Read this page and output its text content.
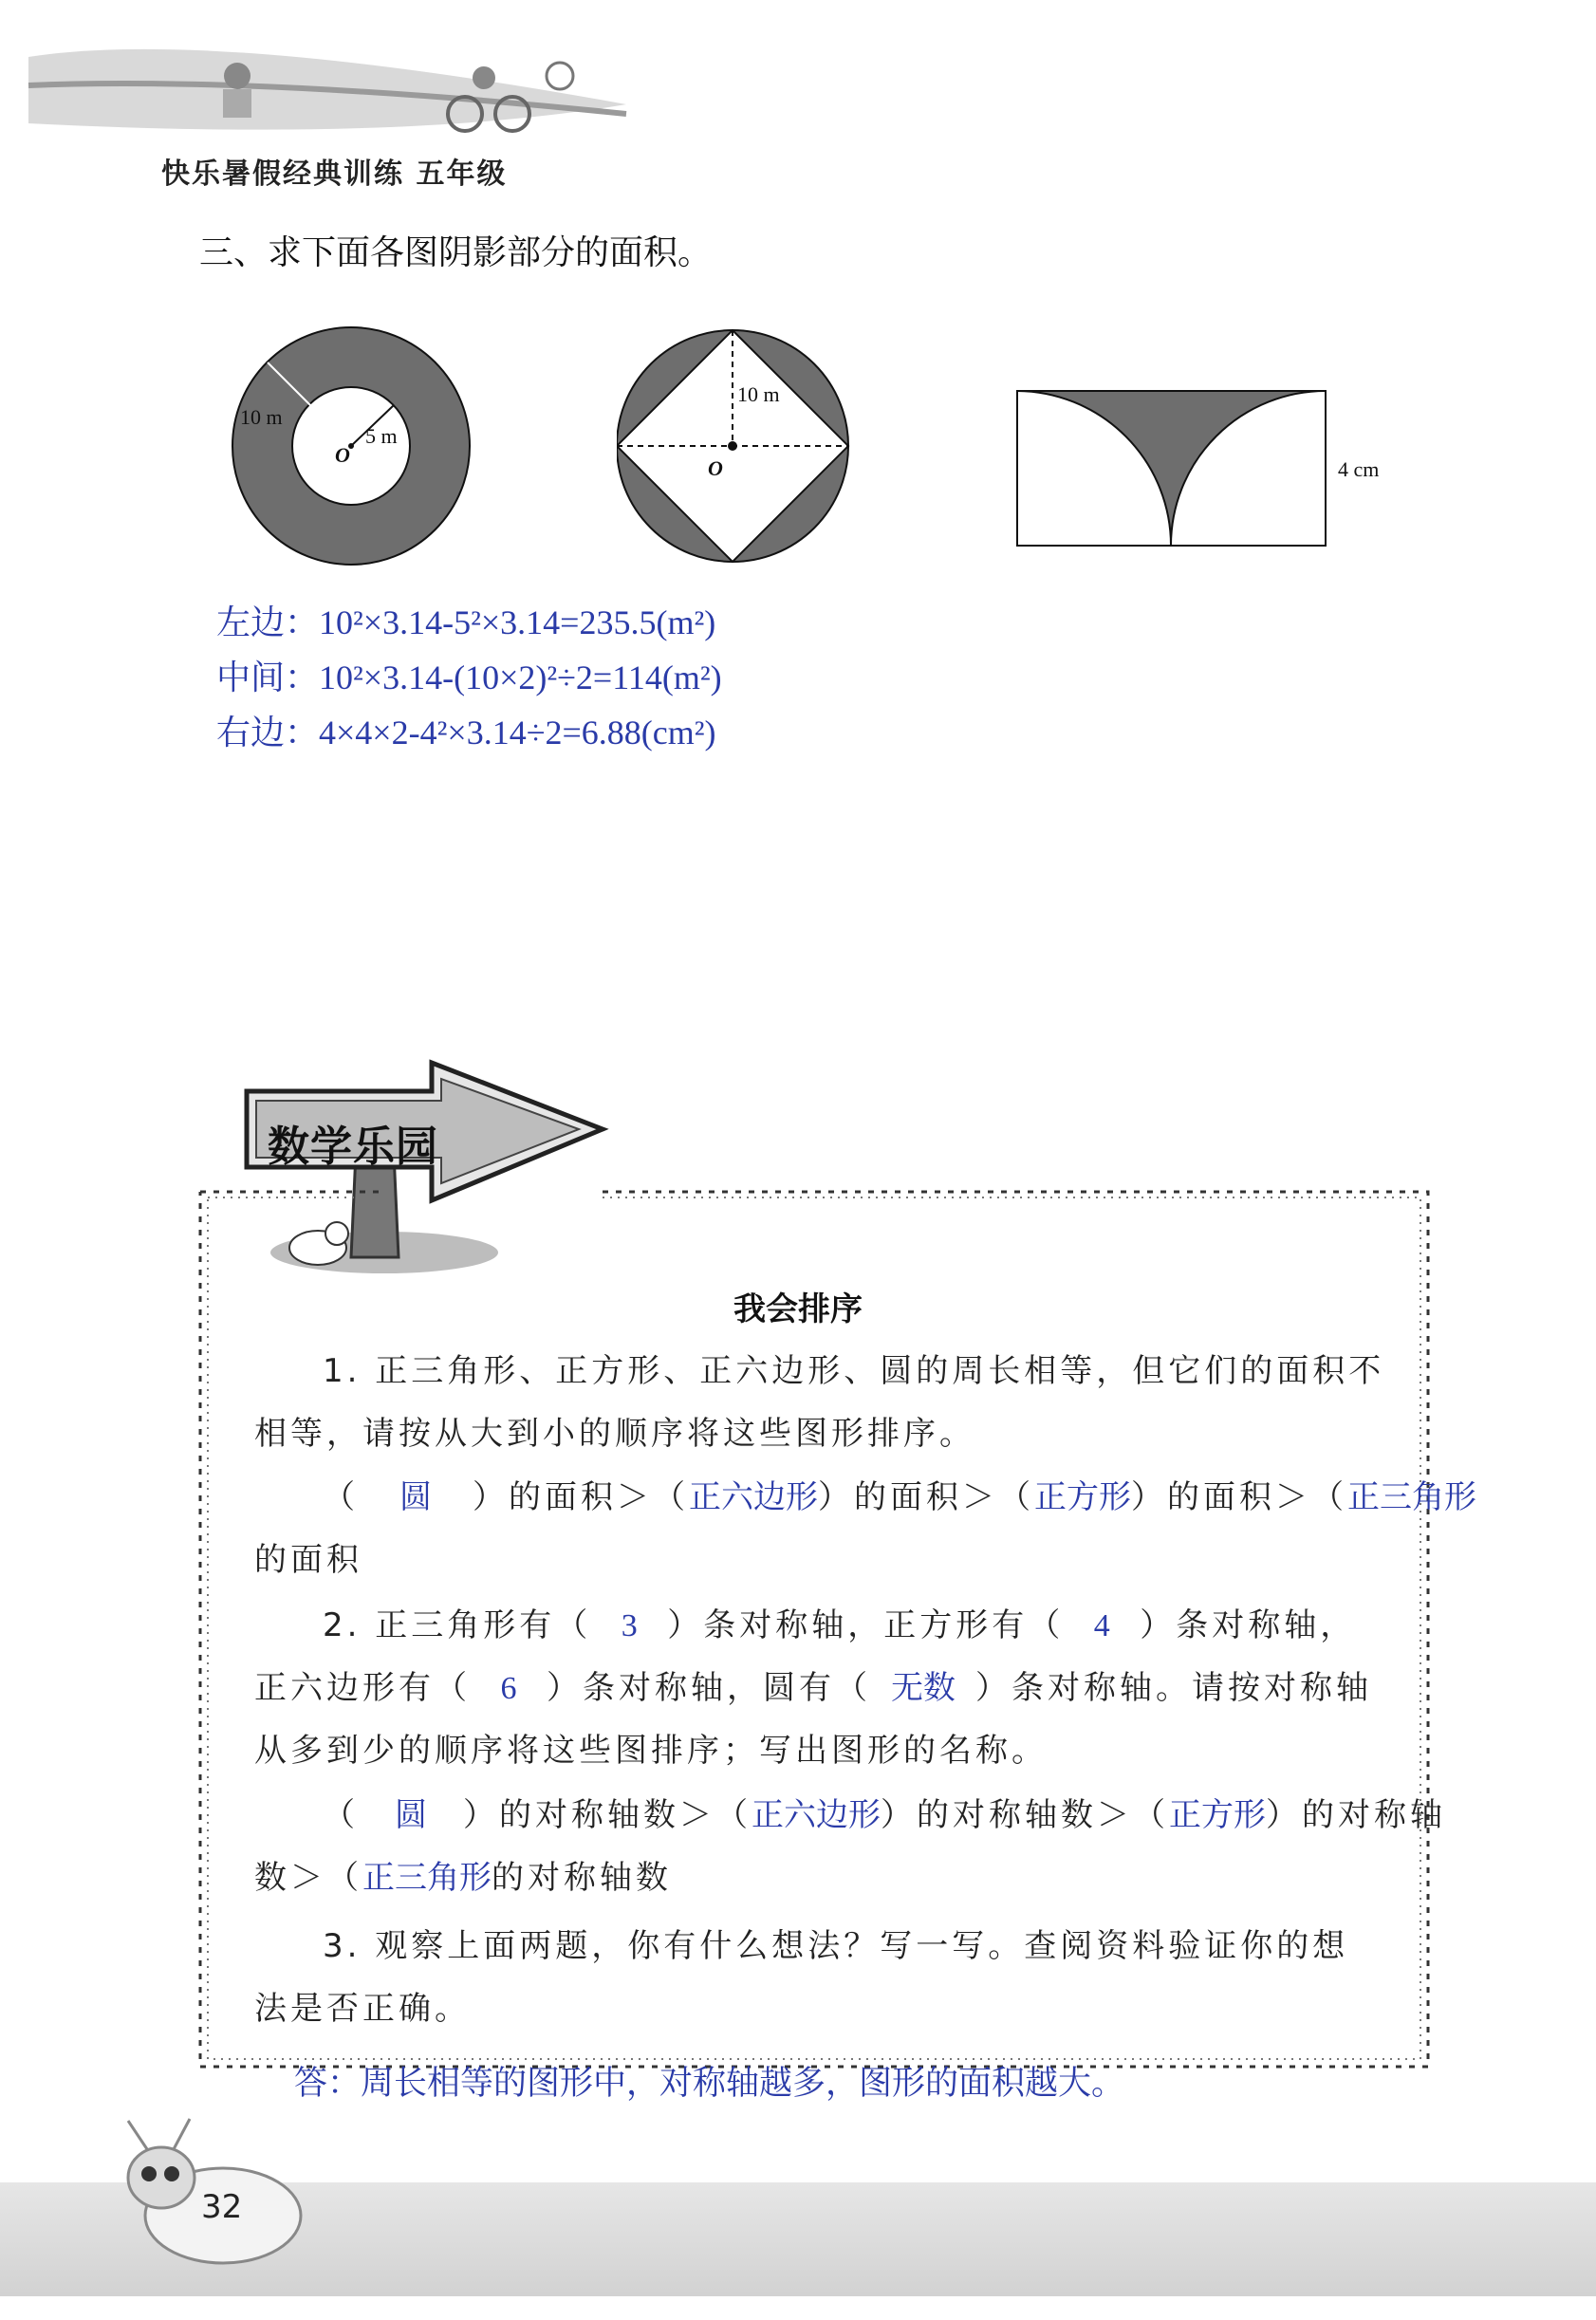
快乐暑假经典训练 五年级
三、求下面各图阴影部分的面积。
10 m
5 m
O
10 m
O	4 cm
左边：10²×3.14-5²×3.14=235.5(m²)
中间：10²×3.14-(10×2)²÷2=114(m²)
右边：4×4×2-4²×3.14÷2=6.88(cm²)
数学乐园
我会排序
1. 正三角形、正方形、正六边形、圆的周长相等，但它们的面积不
相等，请按从大到小的顺序将这些图形排序。
（ 圆 ）的面积＞（正六边形）的面积＞（正方形）的面积＞（正三角形
的面积
2. 正三角形有（ 3 ）条对称轴，正方形有（ 4 ）条对称轴，
正六边形有（ 6 ）条对称轴，圆有（ 无数 ）条对称轴。请按对称轴
从多到少的顺序将这些图排序；写出图形的名称。
（ 圆 ）的对称轴数＞（正六边形）的对称轴数＞（正方形）的对称轴
数＞（正三角形的对称轴数
3. 观察上面两题，你有什么想法？写一写。查阅资料验证你的想
法是否正确。
答：周长相等的图形中，对称轴越多，图形的面积越大。
32
